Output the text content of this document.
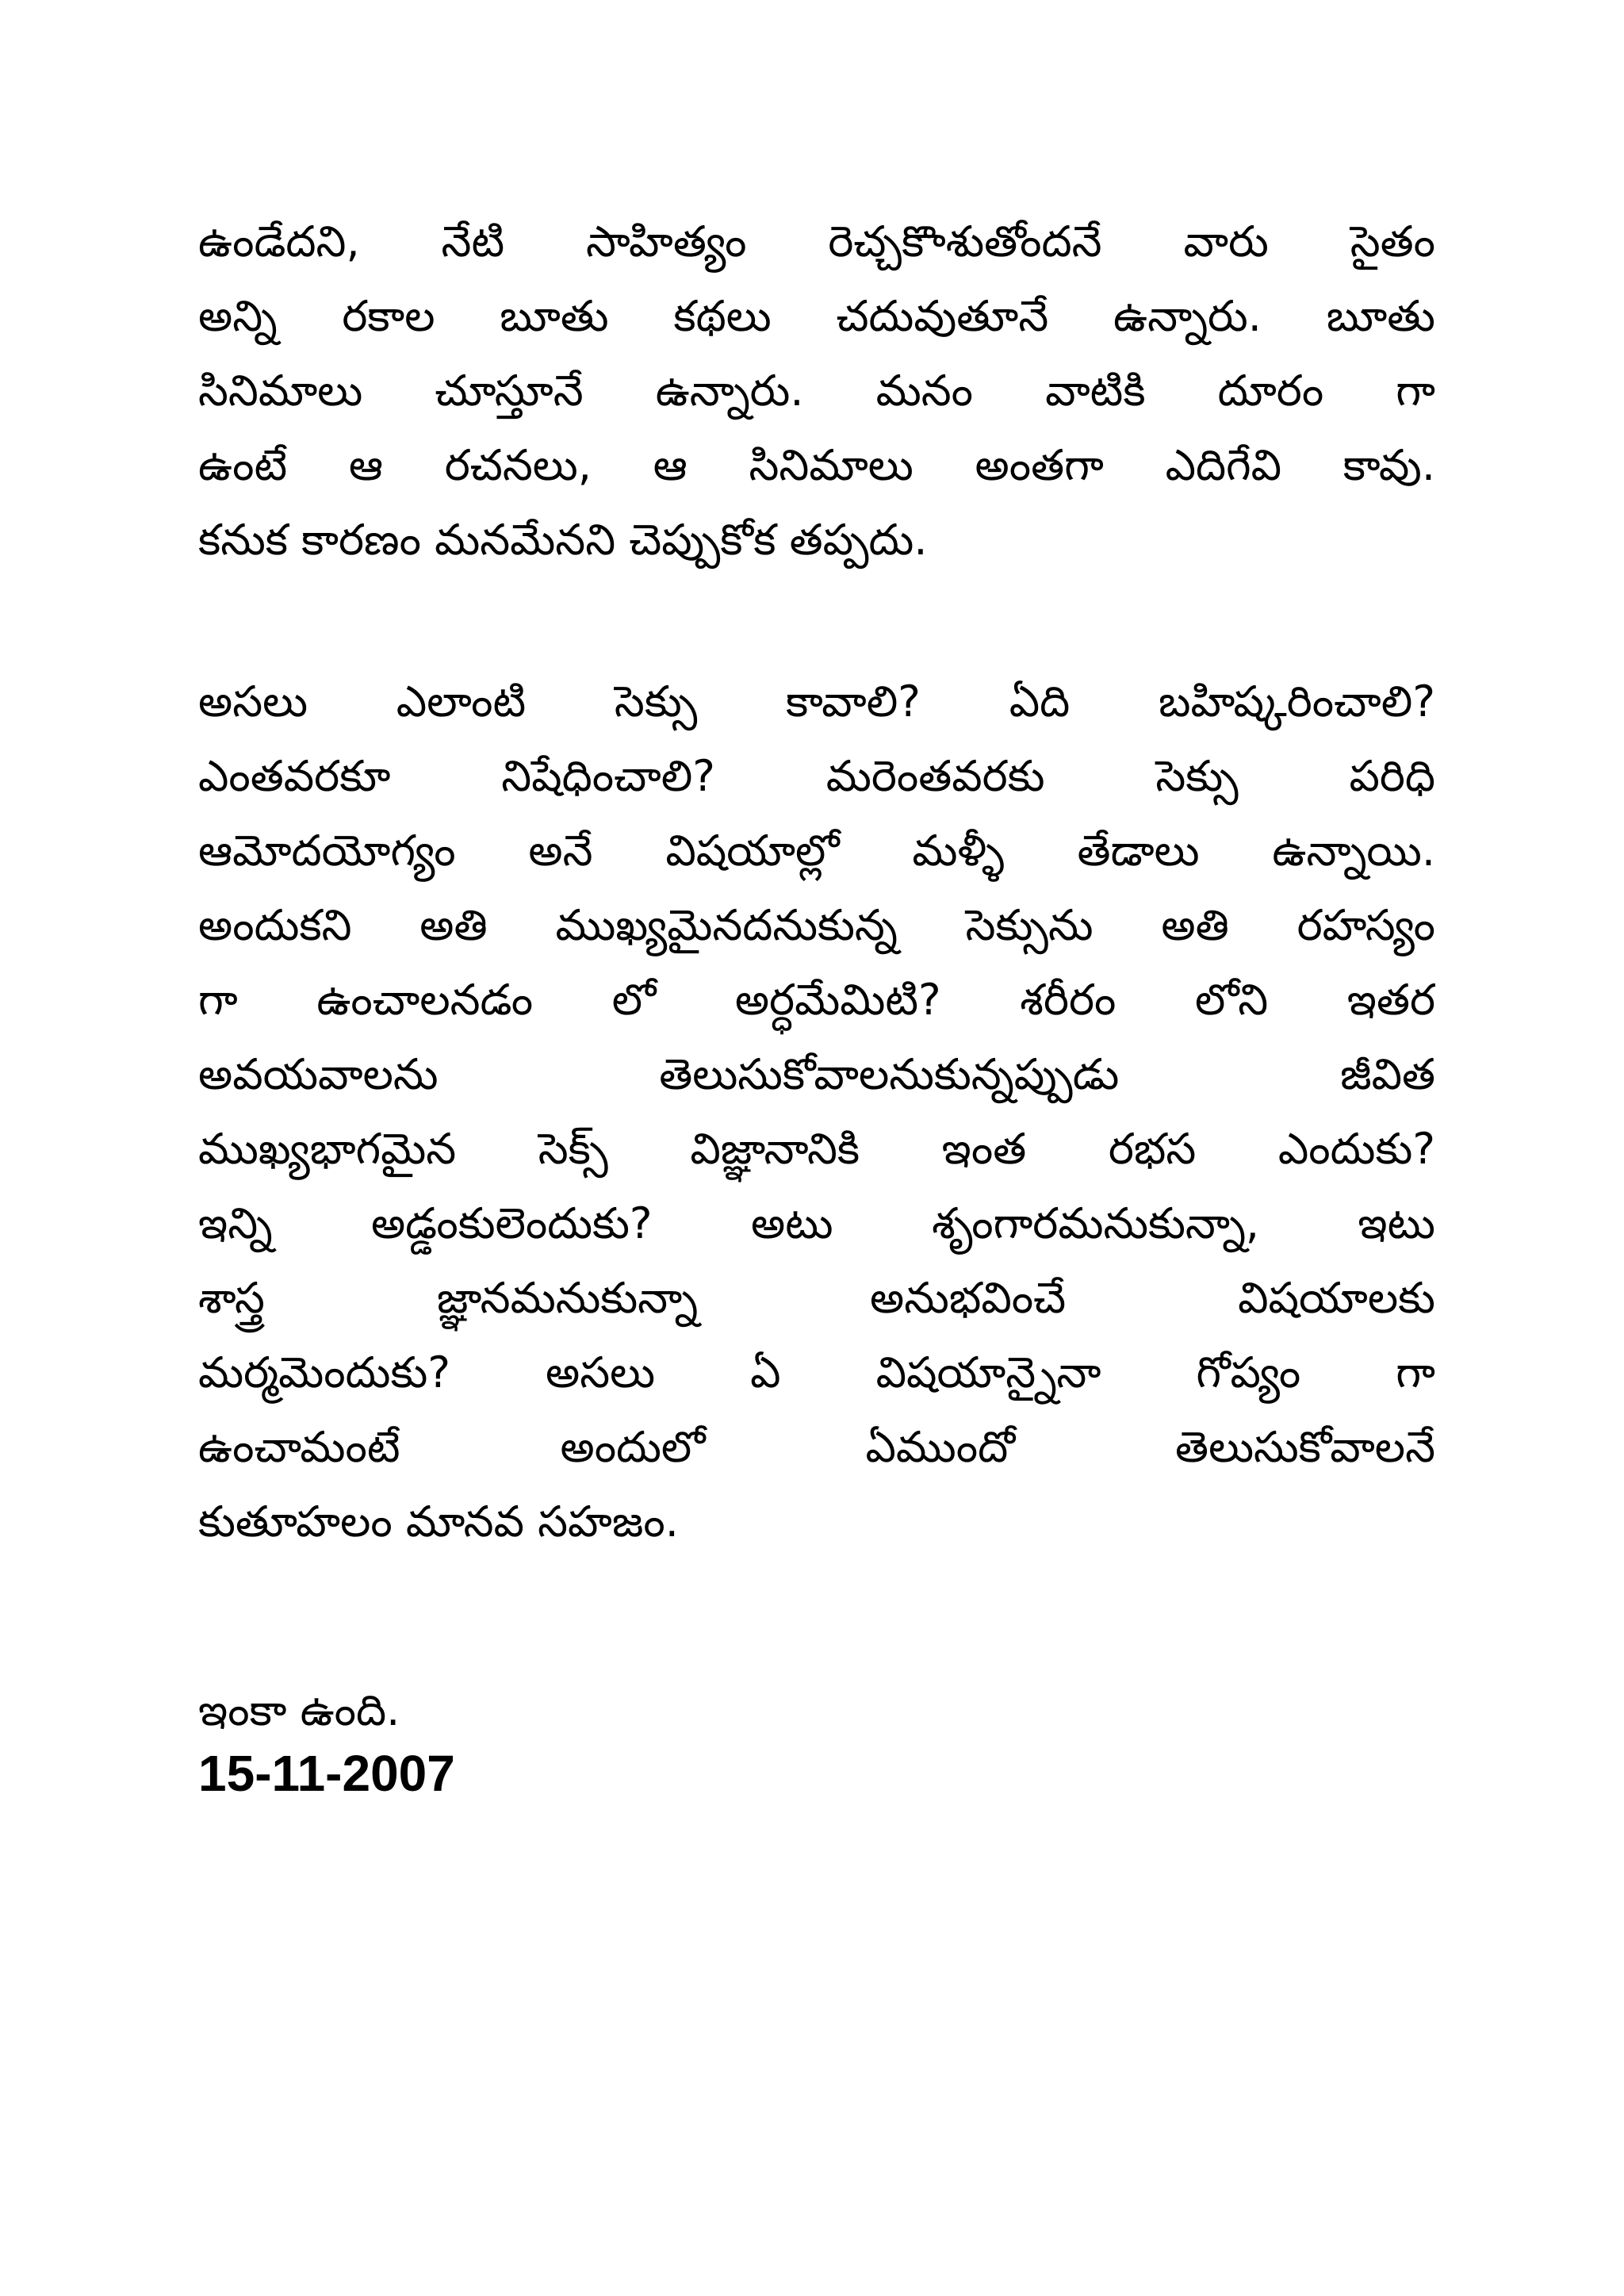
ఉండేదని, నేటి సాహిత్యం రెచ్చకొాశుతోందనే వారు సైతం
అన్ని రకాల బూతు కథలు చదువుతూనే ఉన్నారు. బూతు
సినిమాలు చూస్తూనే ఉన్నారు. మనం వాటికి దూరం గా
ఉంటే ఆ రచనలు, ఆ సినిమాలు అంతగా ఎదిగేవి కావు.
కనుక కారణం మనమేనని చెప్పుకోక తప్పదు.
అసలు ఎలాంటి సెక్సు కావాలి? ఏది బహిష్కరించాలి?
ఎంతవరకూ నిషేధించాలి? మరెంతవరకు సెక్సు పరిధి
ఆమోదయోగ్యం అనే విషయాల్లో మళ్ళీ తేడాలు ఉన్నాయి.
అందుకని అతి ముఖ్యమైనదనుకున్న సెక్సును అతి రహస్యం
గా ఉంచాలనడం లో అర్ధమేమిటి? శరీరం లోని ఇతర
అవయవాలను తెలుసుకోవాలనుకున్నప్పుడు జీవిత
ముఖ్యభాగమైన సెక్స్ విజ్ఞానానికి ఇంత రభస ఎందుకు?
ఇన్ని అడ్డంకులెందుకు? అటు శృంగారమనుకున్నా, ఇటు
శాస్త్ర జ్ఞానమనుకున్నా అనుభవించే విషయాలకు
మర్మమెందుకు? అసలు ఏ విషయాన్నైనా గోప్యం గా
ఉంచామంటే అందులో ఏముందో తెలుసుకోవాలనే
కుతూహలం మానవ సహజం.
ఇంకా ఉంది.
15-11-2007
